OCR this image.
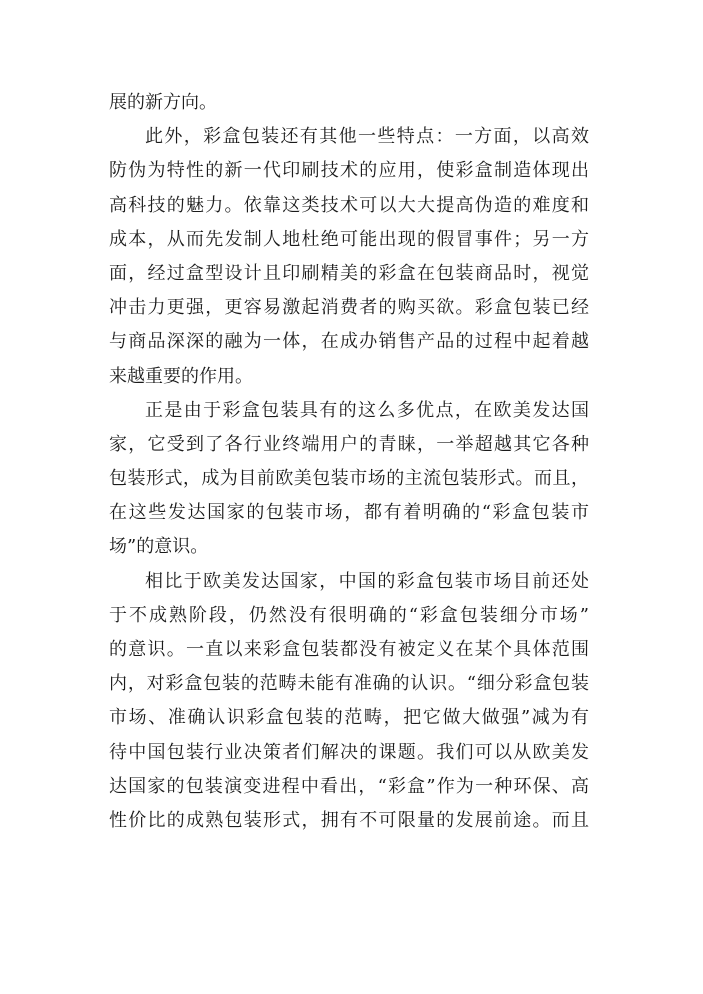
展的新方向。
此外，彩盒包装还有其他一些特点：一方面，以高效
防伪为特性的新一代印刷技术的应用，使彩盒制造体现出
高科技的魅力。依靠这类技术可以大大提高伪造的难度和
成本，从而先发制人地杜绝可能出现的假冒事件；另一方
面，经过盒型设计且印刷精美的彩盒在包装商品时，视觉
冲击力更强，更容易激起消费者的购买欲。彩盒包装已经
与商品深深的融为一体，在成办销售产品的过程中起着越
来越重要的作用。
正是由于彩盒包装具有的这么多优点，在欧美发达国
家，它受到了各行业终端用户的青睐，一举超越其它各种
包装形式，成为目前欧美包装市场的主流包装形式。而且，
在这些发达国家的包装市场，都有着明确的“彩盒包装市
场”的意识。
相比于欧美发达国家，中国的彩盒包装市场目前还处
于不成熟阶段，仍然没有很明确的“彩盒包装细分市场”
的意识。一直以来彩盒包装都没有被定义在某个具体范围
内，对彩盒包装的范畴未能有准确的认识。“细分彩盒包装
市场、准确认识彩盒包装的范畴，把它做大做强”减为有
待中国包装行业决策者们解决的课题。我们可以从欧美发
达国家的包装演变进程中看出，“彩盒”作为一种环保、高
性价比的成熟包装形式，拥有不可限量的发展前途。而且
